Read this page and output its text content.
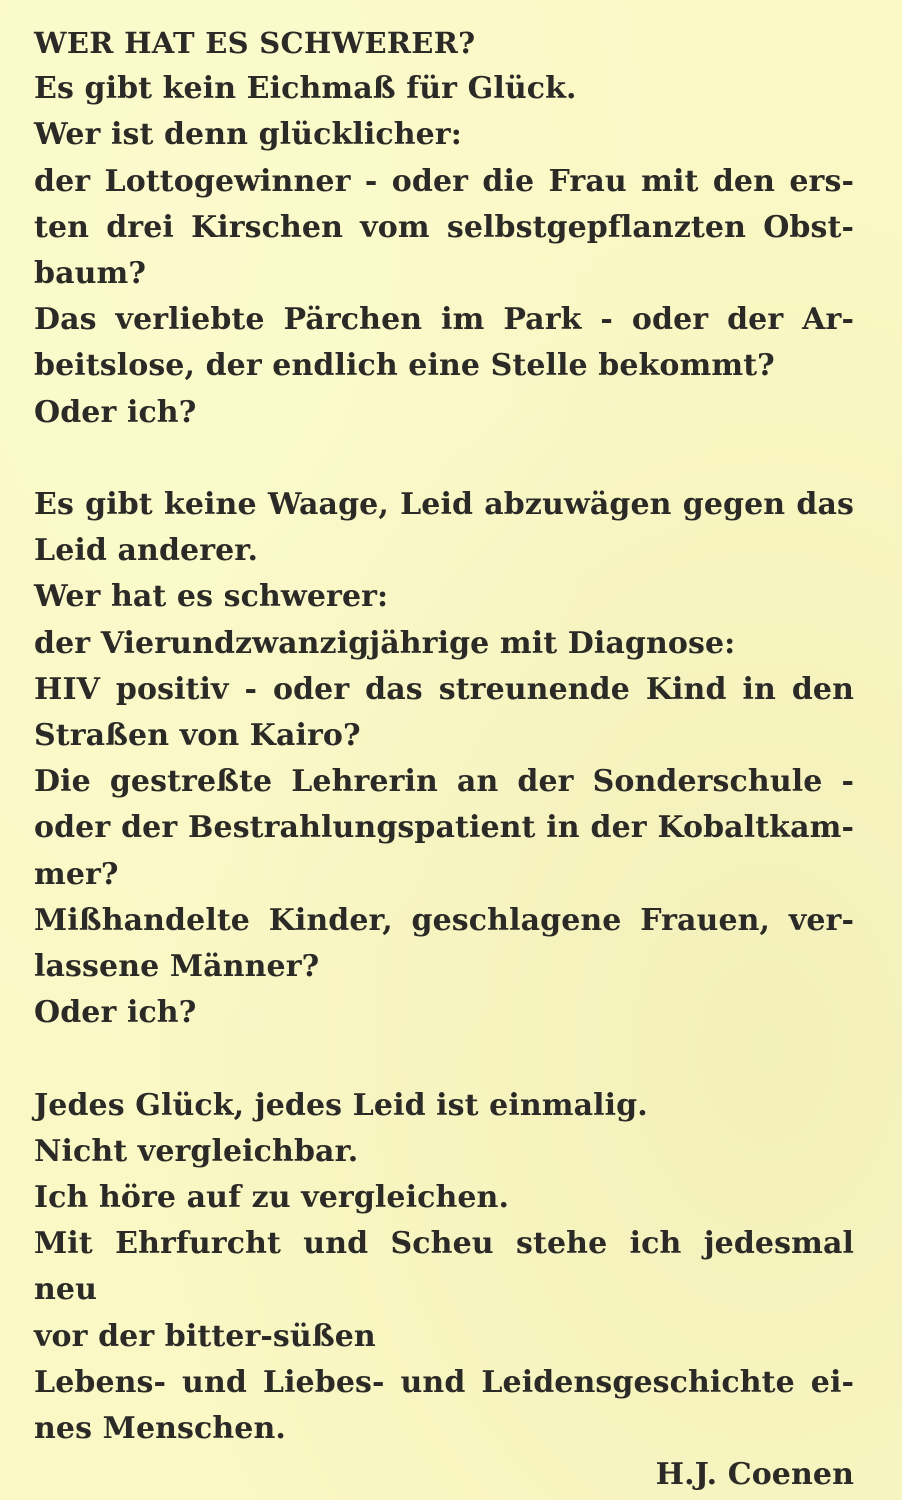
WER HAT ES SCHWERER?
Es gibt kein Eichmaß für Glück.
Wer ist denn glücklicher:
der Lottogewinner - oder die Frau mit den ers-
ten drei Kirschen vom selbstgepflanzten Obst-
baum?
Das verliebte Pärchen im Park - oder der Ar-
beitslose, der endlich eine Stelle bekommt?
Oder ich?
Es gibt keine Waage, Leid abzuwägen gegen das
Leid anderer.
Wer hat es schwerer:
der Vierundzwanzigjährige mit Diagnose:
HIV positiv - oder das streunende Kind in den
Straßen von Kairo?
Die gestreßte Lehrerin an der Sonderschule -
oder der Bestrahlungspatient in der Kobaltkam-
mer?
Mißhandelte Kinder, geschlagene Frauen, ver-
lassene Männer?
Oder ich?
Jedes Glück, jedes Leid ist einmalig.
Nicht vergleichbar.
Ich höre auf zu vergleichen.
Mit Ehrfurcht und Scheu stehe ich jedesmal neu
vor der bitter-süßen
Lebens- und Liebes- und Leidensgeschichte ei-
nes Menschen.
H.J. Coenen
